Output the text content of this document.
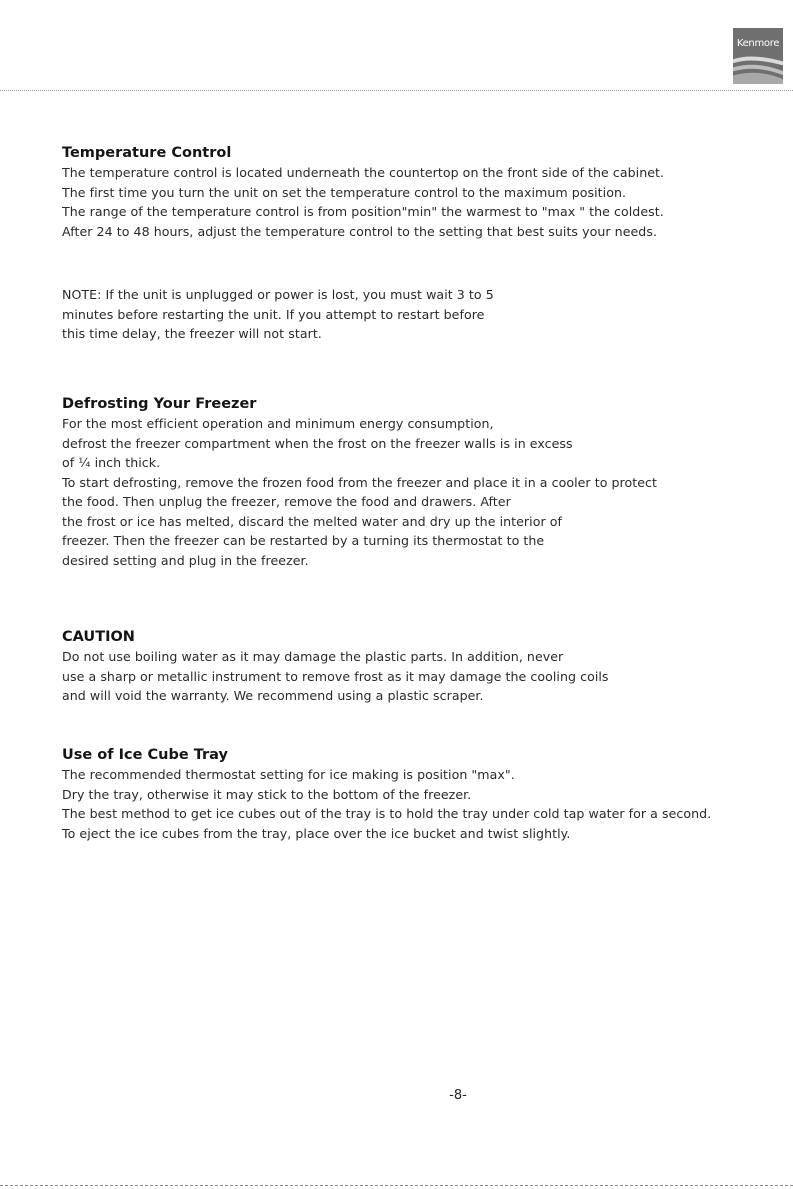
Kenmore
Temperature Control
The temperature control is located underneath the countertop on the front side of the cabinet.
The first time you turn the unit on set the temperature control to the maximum position.
The range of the temperature control is from position"min" the warmest to "max " the coldest.
After 24 to 48 hours, adjust the temperature control to the setting that best suits your needs.
NOTE: If the unit is unplugged or power is lost, you must wait 3 to 5
minutes before restarting the unit. If you attempt to restart before
this time delay, the freezer will not start.
Defrosting Your Freezer
For the most efficient operation and minimum energy consumption,
defrost the freezer compartment when the frost on the freezer walls is in excess
of ¼ inch thick.
To start defrosting, remove the frozen food from the freezer and place it in a cooler to protect
the food. Then unplug the freezer, remove the food and drawers. After
the frost or ice has melted, discard the melted water and dry up the interior of
freezer. Then the freezer can be restarted by a turning its thermostat to the
desired setting and plug in the freezer.
CAUTION
Do not use boiling water as it may damage the plastic parts. In addition, never
use a sharp or metallic instrument to remove frost as it may damage the cooling coils
and will void the warranty. We recommend using a plastic scraper.
Use of Ice Cube Tray
The recommended thermostat setting for ice making is position "max".
Dry the tray, otherwise it may stick to the bottom of the freezer.
The best method to get ice cubes out of the tray is to hold the tray under cold tap water for a second.
To eject the ice cubes from the tray, place over the ice bucket and twist slightly.
-8-
